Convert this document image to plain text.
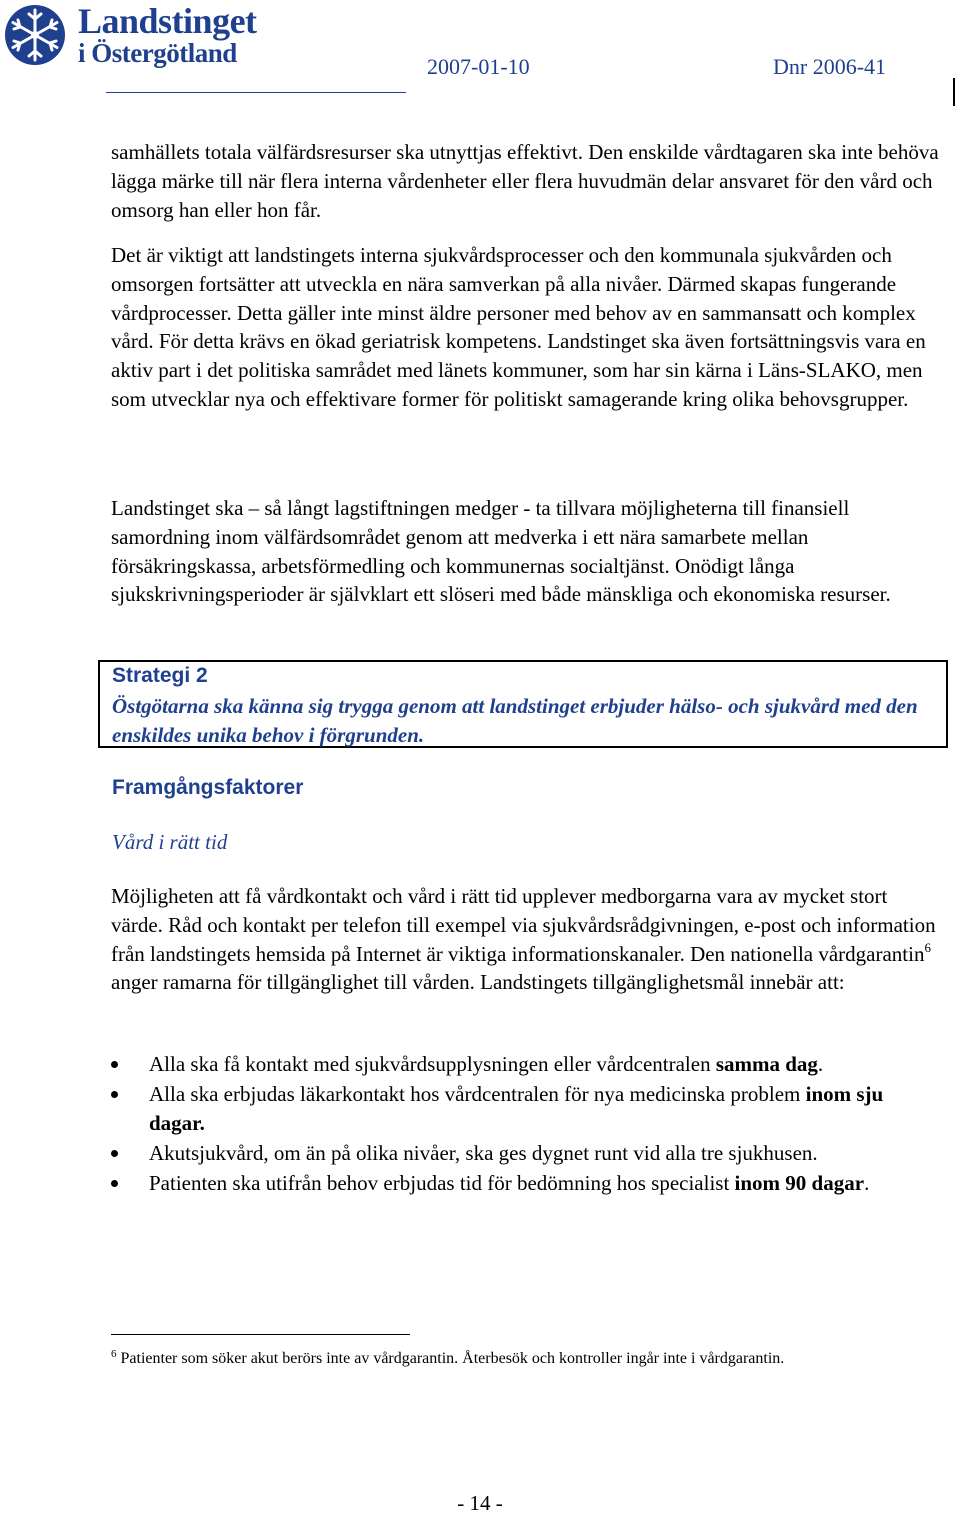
Landstinget
i Östergötland	2007-01-10	Dnr 2006-41

samhällets totala välfärdsresurser ska utnyttjas effektivt. Den enskilde vårdtagaren ska inte behöva lägga märke till när flera interna vårdenheter eller flera huvudmän delar ansvaret för den vård och omsorg han eller hon får.

Det är viktigt att landstingets interna sjukvårdsprocesser och den kommunala sjukvården och omsorgen fortsätter att utveckla en nära samverkan på alla nivåer. Därmed skapas fungerande vårdprocesser. Detta gäller inte minst äldre personer med behov av en sammansatt och komplex vård. För detta krävs en ökad geriatrisk kompetens. Landstinget ska även fortsättningsvis vara en aktiv part i det politiska samrådet med länets kommuner, som har sin kärna i Läns-SLAKO, men som utvecklar nya och effektivare former för politiskt samagerande kring olika behovsgrupper.

Landstinget ska – så långt lagstiftningen medger - ta tillvara möjligheterna till finansiell samordning inom välfärdsområdet genom att medverka i ett nära samarbete mellan försäkringskassa, arbetsförmedling och kommunernas socialtjänst. Onödigt långa sjukskrivningsperioder är självklart ett slöseri med både mänskliga och ekonomiska resurser.

Strategi 2
Östgötarna ska känna sig trygga genom att landstinget erbjuder hälso- och sjukvård med den enskildes unika behov i förgrunden.
Framgångsfaktorer
Vård i rätt tid

Möjligheten att få vårdkontakt och vård i rätt tid upplever medborgarna vara av mycket stort värde. Råd och kontakt per telefon till exempel via sjukvårdsrådgivningen, e-post och information från landstingets hemsida på Internet är viktiga informationskanaler. Den nationella vårdgarantin$^6$ anger ramarna för tillgänglighet till vården. Landstingets tillgänglighetsmål innebär att:

Alla ska få kontakt med sjukvårdsupplysningen eller vårdcentralen samma dag.
Alla ska erbjudas läkarkontakt hos vårdcentralen för nya medicinska problem inom sju dagar.
Akutsjukvård, om än på olika nivåer, ska ges dygnet runt vid alla tre sjukhusen.
Patienten ska utifrån behov erbjudas tid för bedömning hos specialist inom 90 dagar.
$^6$ Patienter som söker akut berörs inte av vårdgarantin. Återbesök och kontroller ingår inte i vårdgarantin.
- 14 -
